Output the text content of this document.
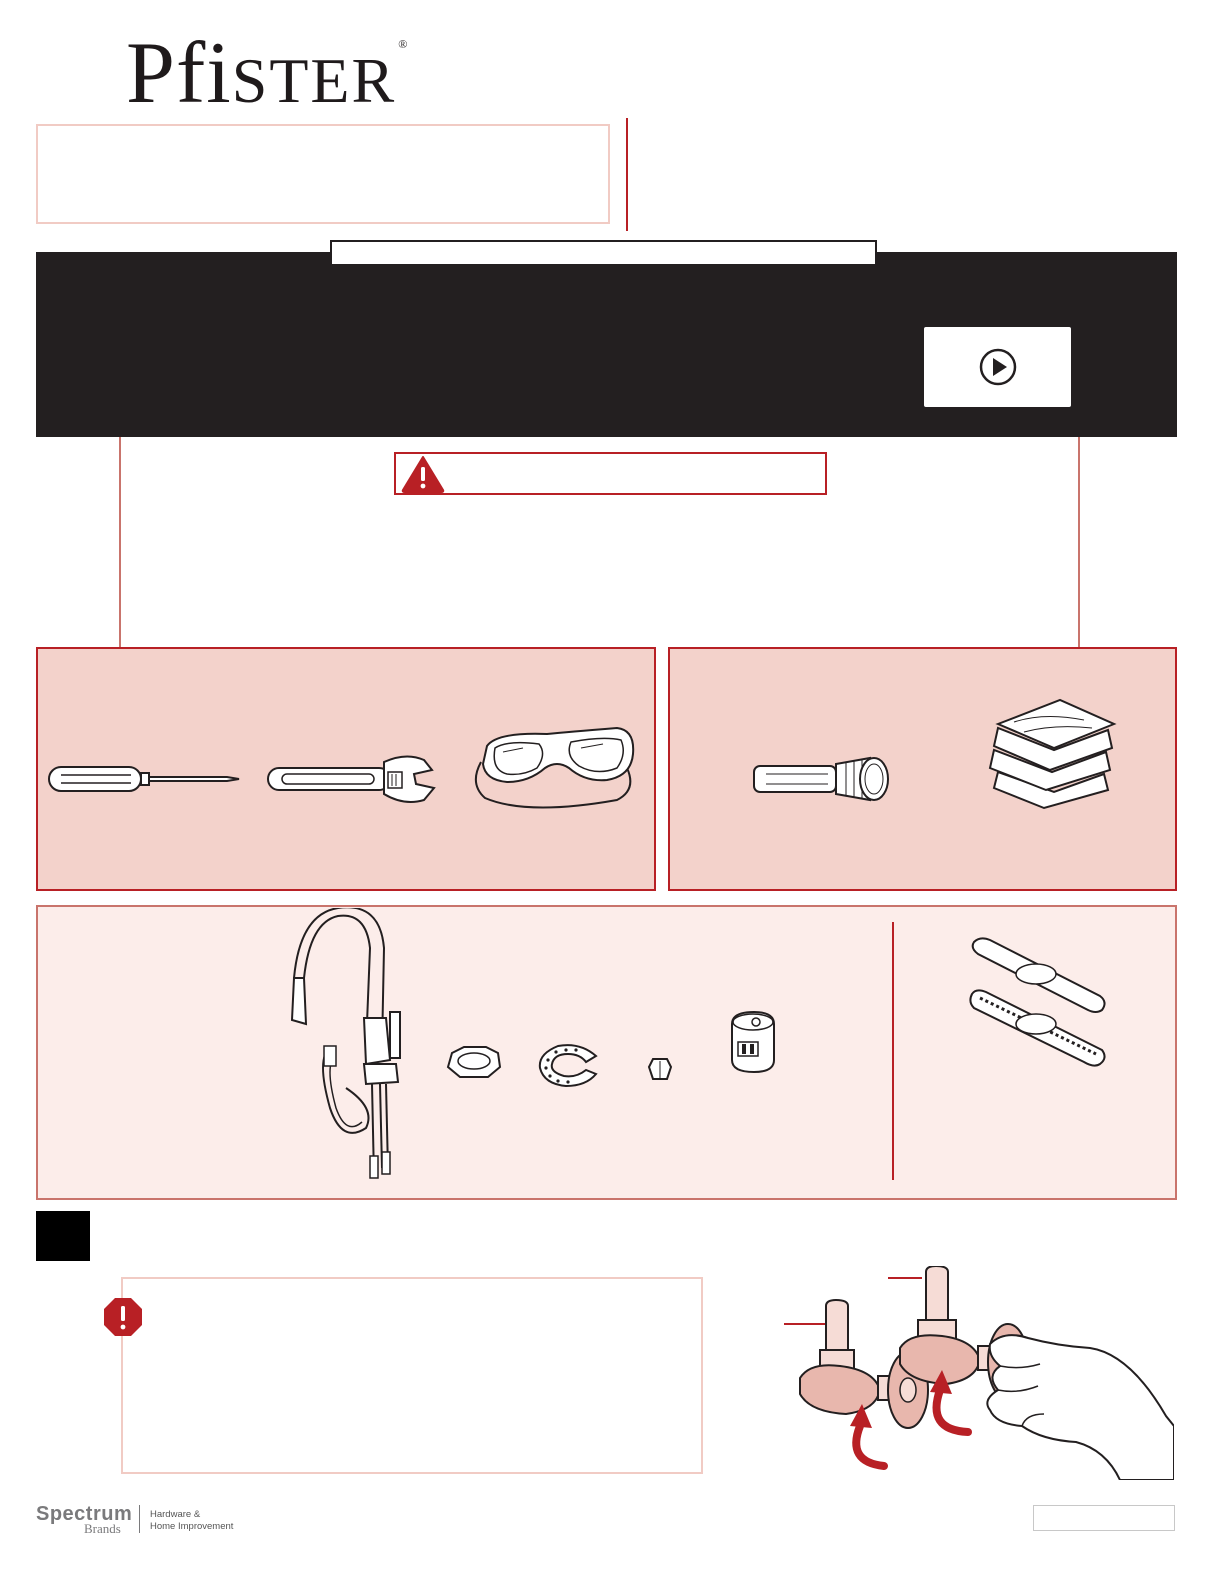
PfiSTER®
Spectrum
Brands
Hardware &
Home Improvement
